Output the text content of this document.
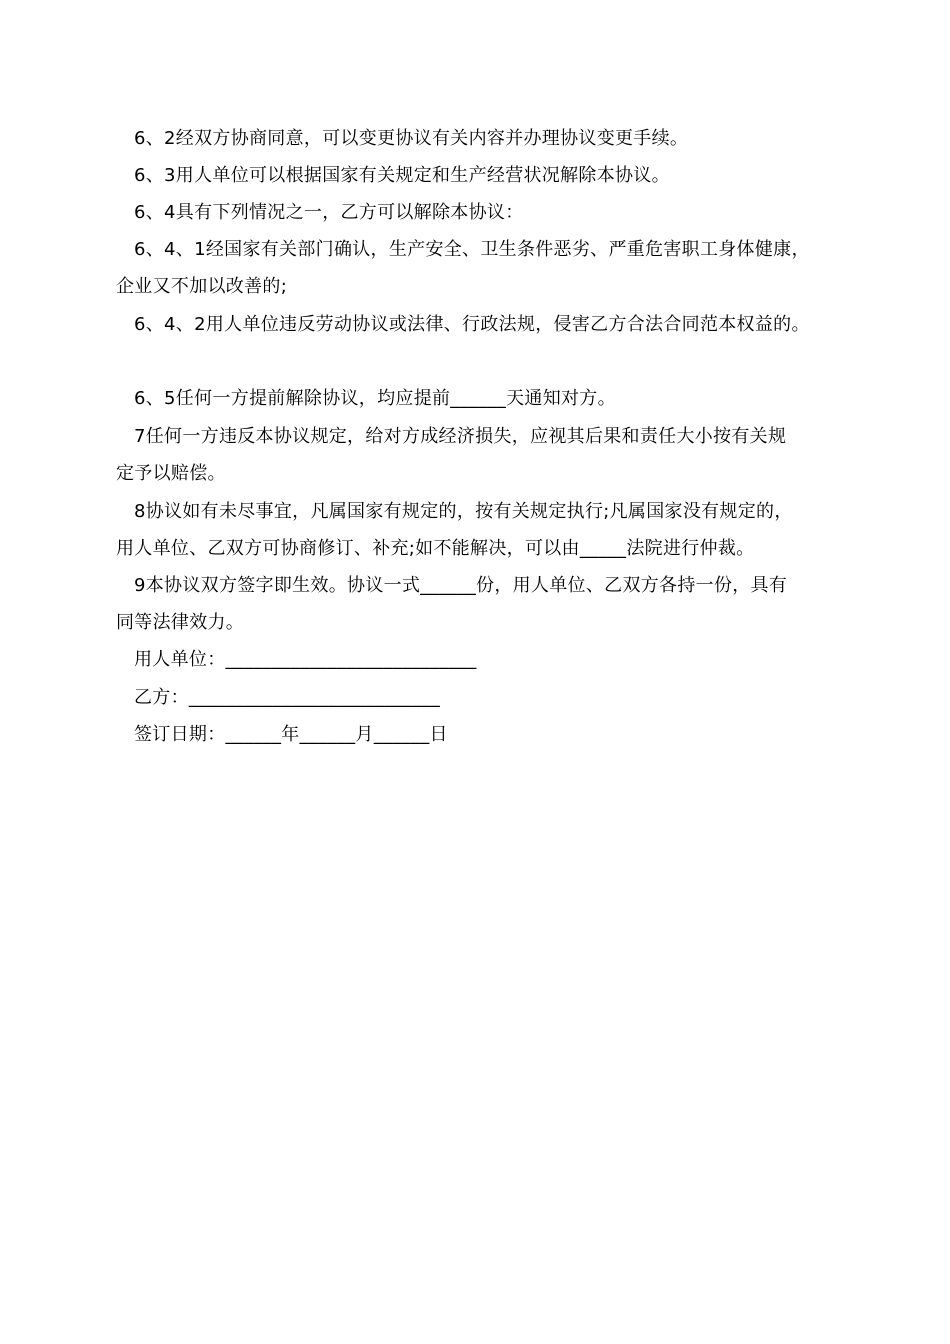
6、2经双方协商同意，可以变更协议有关内容并办理协议变更手续。
6、3用人单位可以根据国家有关规定和生产经营状况解除本协议。
6、4具有下列情况之一，乙方可以解除本协议：
6、4、1经国家有关部门确认，生产安全、卫生条件恶劣、严重危害职工身体健康，
企业又不加以改善的;
6、4、2用人单位违反劳动协议或法律、行政法规，侵害乙方合法合同范本权益的。
6、5任何一方提前解除协议，均应提前______天通知对方。
7任何一方违反本协议规定，给对方成经济损失，应视其后果和责任大小按有关规
定予以赔偿。
8协议如有未尽事宜，凡属国家有规定的，按有关规定执行;凡属国家没有规定的，
用人单位、乙双方可协商修订、补充;如不能解决，可以由_____法院进行仲裁。
9本协议双方签字即生效。协议一式______份，用人单位、乙双方各持一份，具有
同等法律效力。
用人单位：___________________________
乙方：___________________________
签订日期：______年______月______日
